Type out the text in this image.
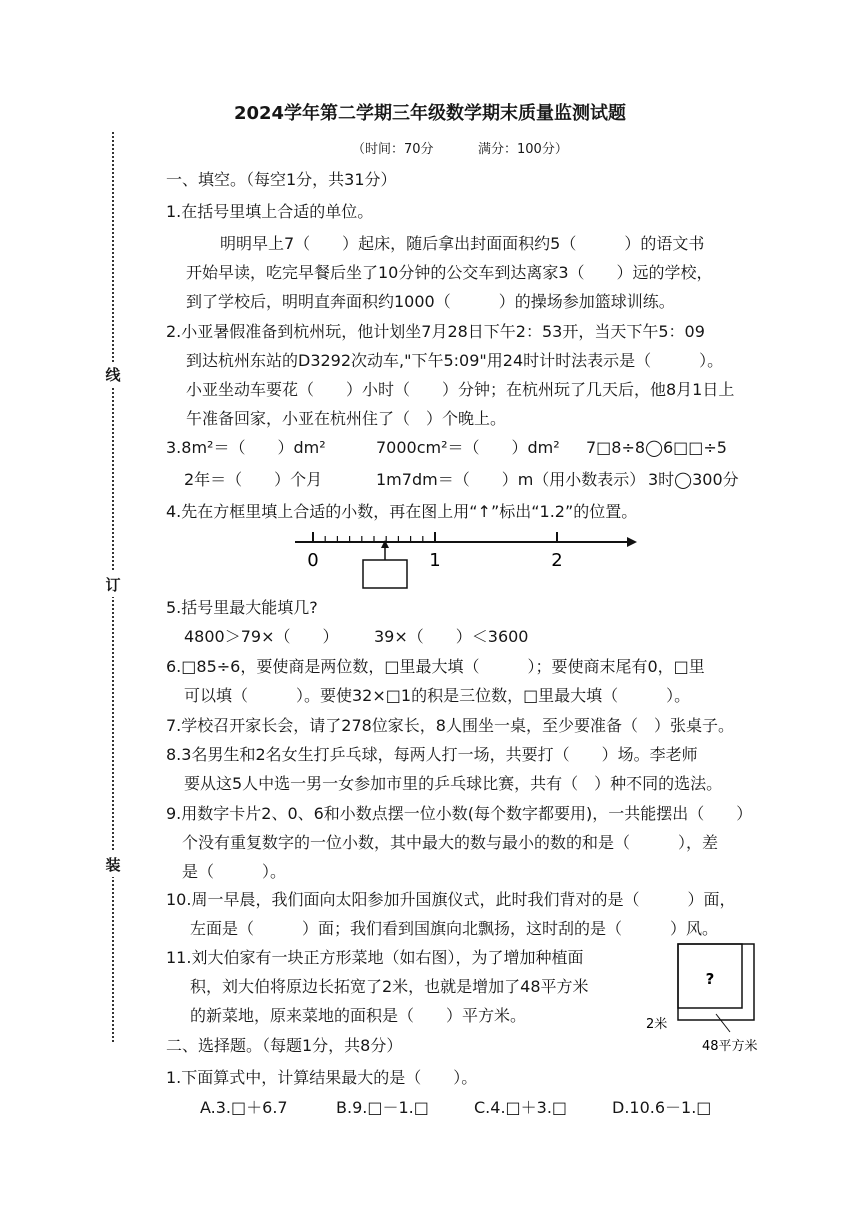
线
订
装
2024学年第二学期三年级数学期末质量监测试题
（时间：70分	满分：100分）
一、填空。（每空1分，共31分）
1.在括号里填上合适的单位。
明明早上7（　　）起床，随后拿出封面面积约5（　　　）的语文书
开始早读，吃完早餐后坐了10分钟的公交车到达离家3（　　）远的学校，
到了学校后，明明直奔面积约1000（　　　）的操场参加篮球训练。
2.小亚暑假准备到杭州玩，他计划坐7月28日下午2：53开，当天下午5：09
到达杭州东站的D3292次动车,"下午5:09"用24时计时法表示是（　　　）。
小亚坐动车要花（　　）小时（　　）分钟；在杭州玩了几天后，他8月1日上
午准备回家，小亚在杭州住了（　）个晚上。
3.8m²＝（　　）dm²	7000cm²＝（　　）dm² 7□8÷8◯6□□÷5
2年＝（　　）个月	1m7dm＝（　　）m（用小数表示） 3时◯300分
4.先在方框里填上合适的小数，再在图上用“↑”标出“1.2”的位置。
0	1	2
5.括号里最大能填几?
4800＞79×（　　） 39×（　　）＜3600
6.□85÷6，要使商是两位数，□里最大填（　　　）；要使商末尾有0，□里
可以填（　　　）。要使32×□1的积是三位数，□里最大填（　　　）。
7.学校召开家长会，请了278位家长，8人围坐一桌，至少要准备（　）张桌子。
8.3名男生和2名女生打乒乓球，每两人打一场，共要打（　　）场。李老师
要从这5人中选一男一女参加市里的乒乓球比赛，共有（　）种不同的选法。
9.用数字卡片2、0、6和小数点摆一位小数(每个数字都要用)，一共能摆出（　　）
个没有重复数字的一位小数，其中最大的数与最小的数的和是（　　　），差
是（　　　）。
10.周一早晨，我们面向太阳参加升国旗仪式，此时我们背对的是（　　　）面，
左面是（　　　）面；我们看到国旗向北飘扬，这时刮的是（　　　）风。
11.刘大伯家有一块正方形菜地（如右图），为了增加种植面
积，刘大伯将原边长拓宽了2米，也就是增加了48平方米
的新菜地，原来菜地的面积是（　　）平方米。
?
2米
48平方米
二、选择题。（每题1分，共8分）
1.下面算式中，计算结果最大的是（　　）。
A.3.□＋6.7	B.9.□－1.□	C.4.□＋3.□	D.10.6－1.□
